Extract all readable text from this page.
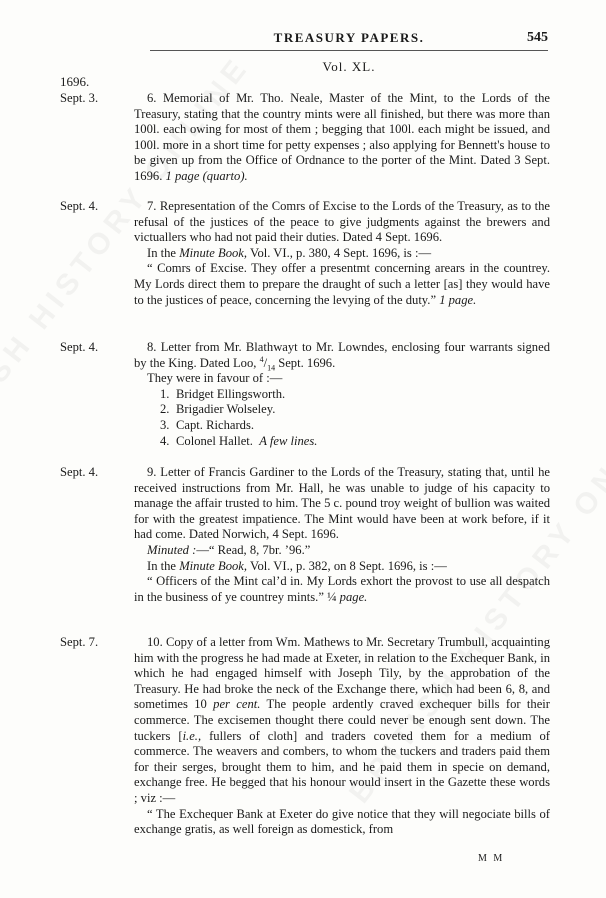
TREASURY PAPERS.	545
Vol. XL.
1696.
Sept. 3.	6. Memorial of Mr. Tho. Neale, Master of the Mint, to the Lords of the Treasury, stating that the country mints were all finished, but there was more than 100l. each owing for most of them ; begging that 100l. each might be issued, and 100l. more in a short time for petty expenses ; also applying for Bennett's house to be given up from the Office of Ordnance to the porter of the Mint. Dated 3 Sept. 1696. 1 page (quarto).

Sept. 4.	7. Representation of the Comrs of Excise to the Lords of the Treasury, as to the refusal of the justices of the peace to give judgments against the brewers and victuallers who had not paid their duties. Dated 4 Sept. 1696.

In the Minute Book, Vol. VI., p. 380, 4 Sept. 1696, is :—

“ Comrs of Excise. They offer a presentmt concerning arears in the countrey. My Lords direct them to prepare the draught of such a letter [as] they would have to the justices of peace, concerning the levying of the duty.” 1 page.

Sept. 4.	8. Letter from Mr. Blathwayt to Mr. Lowndes, enclosing four warrants signed by the King. Dated Loo, $^4/_{14}$ Sept. 1696.

They were in favour of :—

1. Bridget Ellingsworth.
2. Brigadier Wolseley.
3. Capt. Richards.
4. Colonel Hallet. A few lines.
Sept. 4.	9. Letter of Francis Gardiner to the Lords of the Treasury, stating that, until he received instructions from Mr. Hall, he was unable to judge of his capacity to manage the affair trusted to him. The 5 c. pound troy weight of bullion was waited for with the greatest impatience. The Mint would have been at work before, if it had come. Dated Norwich, 4 Sept. 1696.

Minuted :—“ Read, 8, 7br. ’96.”

In the Minute Book, Vol. VI., p. 382, on 8 Sept. 1696, is :—

“ Officers of the Mint cal’d in. My Lords exhort the provost to use all despatch in the business of ye countrey mints.” ¼ page.

Sept. 7.	10. Copy of a letter from Wm. Mathews to Mr. Secretary Trumbull, acquainting him with the progress he had made at Exeter, in relation to the Exchequer Bank, in which he had engaged himself with Joseph Tily, by the approbation of the Treasury. He had broke the neck of the Exchange there, which had been 6, 8, and sometimes 10 per cent. The people ardently craved exchequer bills for their commerce. The excisemen thought there could never be enough sent down. The tuckers [i.e., fullers of cloth] and traders coveted them for a medium of commerce. The weavers and combers, to whom the tuckers and traders paid them for their serges, brought them to him, and he paid them in specie on demand, exchange free. He begged that his honour would insert in the Gazette these words ; viz :—

“ The Exchequer Bank at Exeter do give notice that they will negociate bills of exchange gratis, as well foreign as domestick, from

M M
